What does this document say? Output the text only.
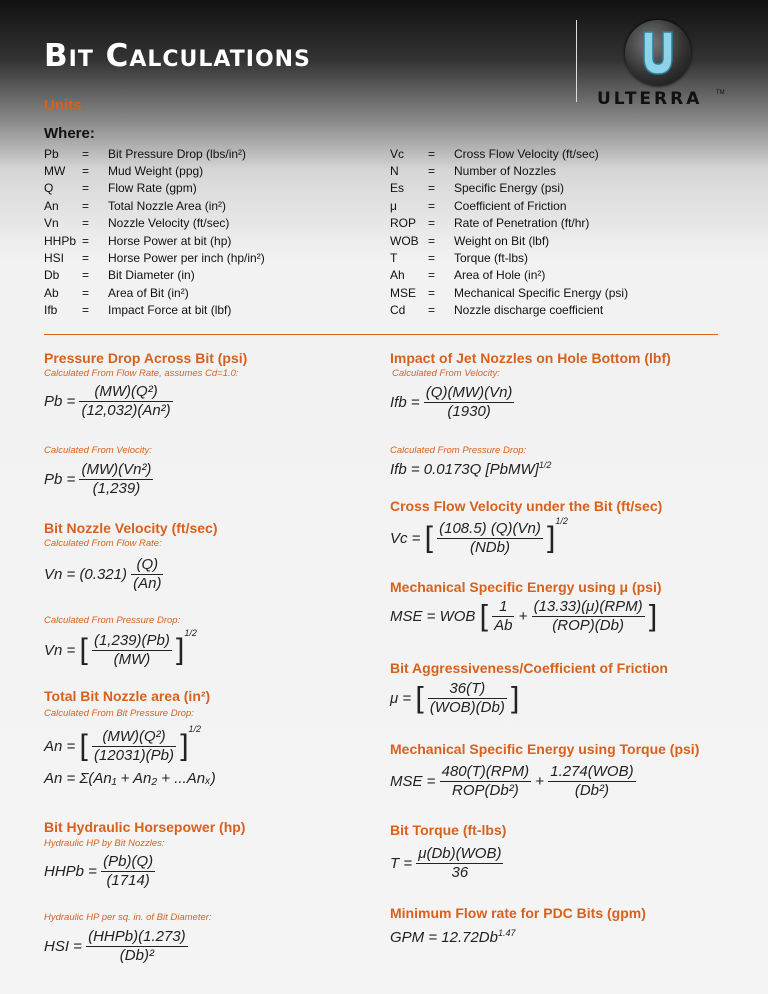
Bit Calculations
Units
Where:
ULTERRA TM
Pb	=	Bit Pressure Drop (lbs/in²)
MW	=	Mud Weight (ppg)
Q	=	Flow Rate (gpm)
An	=	Total Nozzle Area (in²)
Vn	=	Nozzle Velocity (ft/sec)
HHPb	=	Horse Power at bit (hp)
HSI	=	Horse Power per inch (hp/in²)
Db	=	Bit Diameter (in)
Ab	=	Area of Bit (in²)
Ifb	=	Impact Force at bit (lbf)
Vc	=	Cross Flow Velocity (ft/sec)
N	=	Number of Nozzles
Es	=	Specific Energy (psi)
μ	=	Coefficient of Friction
ROP	=	Rate of Penetration (ft/hr)
WOB	=	Weight on Bit (lbf)
T	=	Torque (ft-lbs)
Ah	=	Area of Hole (in²)
MSE	=	Mechanical Specific Energy (psi)
Cd	=	Nozzle discharge coefficient
Pressure Drop Across Bit (psi)
Calculated From Flow Rate, assumes Cd=1.0:
$Pb = \frac{\text{(MW)(Q²)}}{\text{(12,032)(An²)}}$
Calculated From Velocity:
$Pb = \frac{\text{(MW)(Vn²)}}{(1,239)}$
Bit Nozzle Velocity (ft/sec)
Calculated From Flow Rate:
$Vn = (0.321) \frac{(Q)}{(An)}$
Calculated From Pressure Drop:
Vn = [ $\frac{(1,239)(Pb)}{(MW)} ]^{1/2}$
Total Bit Nozzle area (in²)
Calculated From Bit Pressure Drop:
An = [ $\frac{\text{(MW)(Q²)}}{(12031)(Pb)} ]^{1/2}$
An = Σ(An₁ + An₂ + ...Anₓ)
Bit Hydraulic Horsepower (hp)
Hydraulic HP by Bit Nozzles:
HHPb = $\frac{(Pb)(Q)}{(1714)}$
Hydraulic HP per sq. in. of Bit Diameter:
HSI = $\frac{\text{(HHPb)(1.273)}}{\text{(Db)²}}$
Impact of Jet Nozzles on Hole Bottom (lbf)
Calculated From Velocity:
Ifb = $\frac{(Q)(MW)(Vn)}{(1930)}$
Calculated From Pressure Drop:
Ifb = 0.0173Q [PbMW]$^{1/2}$
Cross Flow Velocity under the Bit (ft/sec)
Vc = [ $\frac{(108.5) (Q)(Vn)}{\text{(NDb)}} ]^{1/2}$
Mechanical Specific Energy using μ (psi)
MSE = WOB [ $\frac{1}{Ab} + \frac{\text{(13.33)(μ)(RPM)}}{\text{(ROP)(Db)}}$ ]
Bit Aggressiveness/Coefficient of Friction
μ = [ $\frac{36(T)}{\text{(WOB)(Db)}}$ ]
Mechanical Specific Energy using Torque (psi)
MSE = $\frac{\text{480(T)(RPM)}}{\text{ROP(Db²)}} + \frac{\text{1.274(WOB)}}{\text{(Db²)}}$
Bit Torque (ft-lbs)
$T = \frac{\text{μ(Db)(WOB)}}{36}$
Minimum Flow rate for PDC Bits (gpm)
GPM = $12.72Db^{1.47}$
